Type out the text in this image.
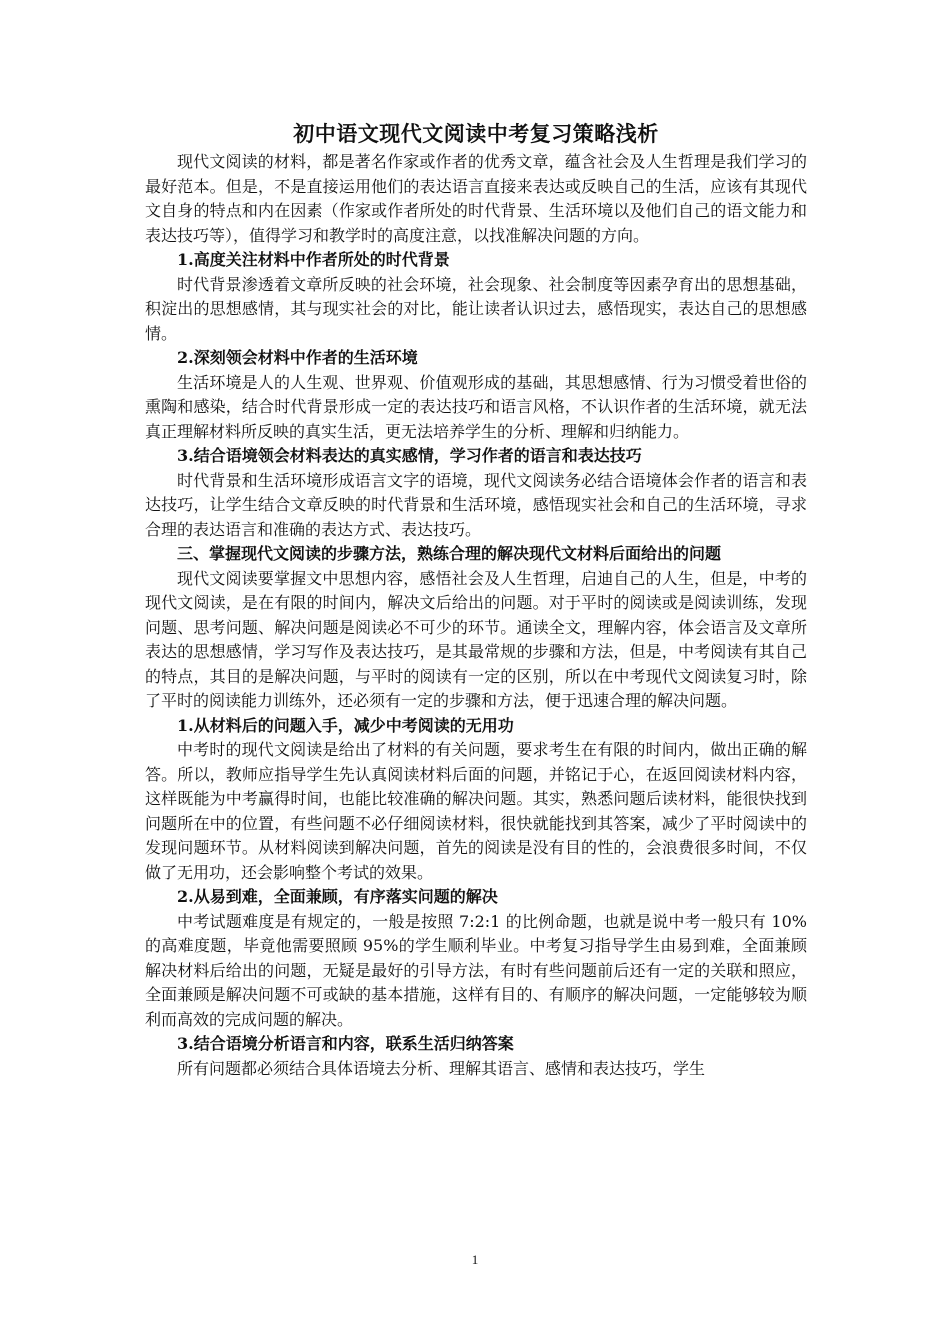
初中语文现代文阅读中考复习策略浅析

现代文阅读的材料，都是著名作家或作者的优秀文章，蕴含社会及人生哲理是我们学习的最好范本。但是，不是直接运用他们的表达语言直接来表达或反映自己的生活，应该有其现代文自身的特点和内在因素（作家或作者所处的时代背景、生活环境以及他们自己的语文能力和表达技巧等），值得学习和教学时的高度注意，以找准解决问题的方向。

1.高度关注材料中作者所处的时代背景

时代背景渗透着文章所反映的社会环境，社会现象、社会制度等因素孕育出的思想基础，积淀出的思想感情，其与现实社会的对比，能让读者认识过去，感悟现实，表达自己的思想感情。

2.深刻领会材料中作者的生活环境

生活环境是人的人生观、世界观、价值观形成的基础，其思想感情、行为习惯受着世俗的熏陶和感染，结合时代背景形成一定的表达技巧和语言风格，不认识作者的生活环境，就无法真正理解材料所反映的真实生活，更无法培养学生的分析、理解和归纳能力。

3.结合语境领会材料表达的真实感情，学习作者的语言和表达技巧

时代背景和生活环境形成语言文字的语境，现代文阅读务必结合语境体会作者的语言和表达技巧，让学生结合文章反映的时代背景和生活环境，感悟现实社会和自己的生活环境，寻求合理的表达语言和准确的表达方式、表达技巧。

三、掌握现代文阅读的步骤方法，熟练合理的解决现代文材料后面给出的问题

现代文阅读要掌握文中思想内容，感悟社会及人生哲理，启迪自己的人生，但是，中考的现代文阅读，是在有限的时间内，解决文后给出的问题。对于平时的阅读或是阅读训练，发现问题、思考问题、解决问题是阅读必不可少的环节。通读全文，理解内容，体会语言及文章所表达的思想感情，学习写作及表达技巧，是其最常规的步骤和方法，但是，中考阅读有其自己的特点，其目的是解决问题，与平时的阅读有一定的区别，所以在中考现代文阅读复习时，除了平时的阅读能力训练外，还必须有一定的步骤和方法，便于迅速合理的解决问题。

1.从材料后的问题入手，减少中考阅读的无用功

中考时的现代文阅读是给出了材料的有关问题，要求考生在有限的时间内，做出正确的解答。所以，教师应指导学生先认真阅读材料后面的问题，并铭记于心，在返回阅读材料内容，这样既能为中考赢得时间，也能比较准确的解决问题。其实，熟悉问题后读材料，能很快找到问题所在中的位置，有些问题不必仔细阅读材料，很快就能找到其答案，减少了平时阅读中的发现问题环节。从材料阅读到解决问题，首先的阅读是没有目的性的，会浪费很多时间，不仅做了无用功，还会影响整个考试的效果。

2.从易到难，全面兼顾，有序落实问题的解决

中考试题难度是有规定的，一般是按照 7:2:1 的比例命题，也就是说中考一般只有 10%的高难度题，毕竟他需要照顾 95%的学生顺利毕业。中考复习指导学生由易到难，全面兼顾解决材料后给出的问题，无疑是最好的引导方法，有时有些问题前后还有一定的关联和照应，全面兼顾是解决问题不可或缺的基本措施，这样有目的、有顺序的解决问题，一定能够较为顺利而高效的完成问题的解决。

3.结合语境分析语言和内容，联系生活归纳答案

所有问题都必须结合具体语境去分析、理解其语言、感情和表达技巧，学生

1
